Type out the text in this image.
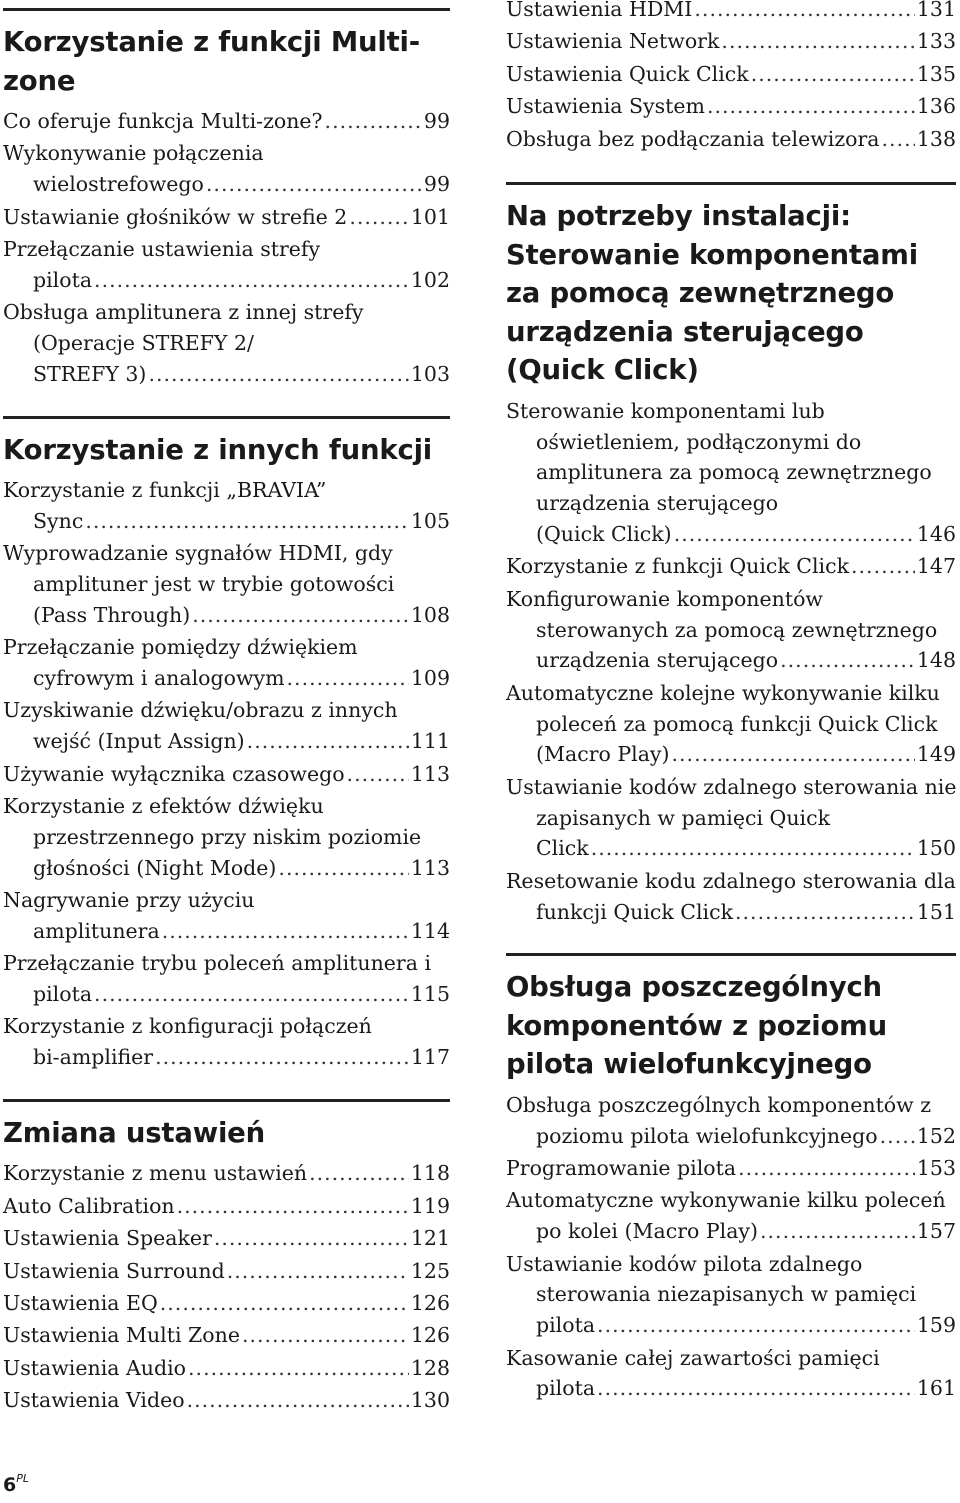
Korzystanie z funkcji Multi-
zone
Co oferuje funkcja Multi-zone? .....	99
Wykonywanie połączenia
wielostrefowego .....	99
Ustawianie głośników w strefie 2 .....	101
Przełączanie ustawienia strefy
pilota .....	102
Obsługa amplitunera z innej strefy
(Operacje STREFY 2/
STREFY 3) .....	103
Korzystanie z innych funkcji
Korzystanie z funkcji „BRAVIA”
Sync .....	105
Wyprowadzanie sygnałów HDMI, gdy
amplituner jest w trybie gotowości
(Pass Through) .....	108
Przełączanie pomiędzy dźwiękiem
cyfrowym i analogowym .....	109
Uzyskiwanie dźwięku/obrazu z innych
wejść (Input Assign) .....	111
Używanie wyłącznika czasowego .....	113
Korzystanie z efektów dźwięku
przestrzennego przy niskim poziomie
głośności (Night Mode) .....	113
Nagrywanie przy użyciu
amplitunera .....	114
Przełączanie trybu poleceń amplitunera i
pilota .....	115
Korzystanie z konfiguracji połączeń
bi-amplifier .....	117
Zmiana ustawień
Korzystanie z menu ustawień .....	118
Auto Calibration .....	119
Ustawienia Speaker .....	121
Ustawienia Surround .....	125
Ustawienia EQ .....	126
Ustawienia Multi Zone .....	126
Ustawienia Audio .....	128
Ustawienia Video .....	130
Ustawienia HDMI .....	131
Ustawienia Network .....	133
Ustawienia Quick Click .....	135
Ustawienia System .....	136
Obsługa bez podłączania telewizora ..... 138
Na potrzeby instalacji:
Sterowanie komponentami
za pomocą zewnętrznego
urządzenia sterującego
(Quick Click)
Sterowanie komponentami lub
oświetleniem, podłączonymi do
amplitunera za pomocą zewnętrznego
urządzenia sterującego
(Quick Click) .....	146
Korzystanie z funkcji Quick Click .....	147
Konfigurowanie komponentów
sterowanych za pomocą zewnętrznego
urządzenia sterującego .....	148
Automatyczne kolejne wykonywanie kilku
poleceń za pomocą funkcji Quick Click
(Macro Play) .....	149
Ustawianie kodów zdalnego sterowania nie
zapisanych w pamięci Quick
Click .....	150
Resetowanie kodu zdalnego sterowania dla
funkcji Quick Click .....	151
Obsługa poszczególnych
komponentów z poziomu
pilota wielofunkcyjnego
Obsługa poszczególnych komponentów z
poziomu pilota wielofunkcyjnego ..... 152
Programowanie pilota .....	153
Automatyczne wykonywanie kilku poleceń
po kolei (Macro Play) .....	157
Ustawianie kodów pilota zdalnego
sterowania niezapisanych w pamięci
pilota .....	159
Kasowanie całej zawartości pamięci
pilota .....	161
$6^{PL}$
